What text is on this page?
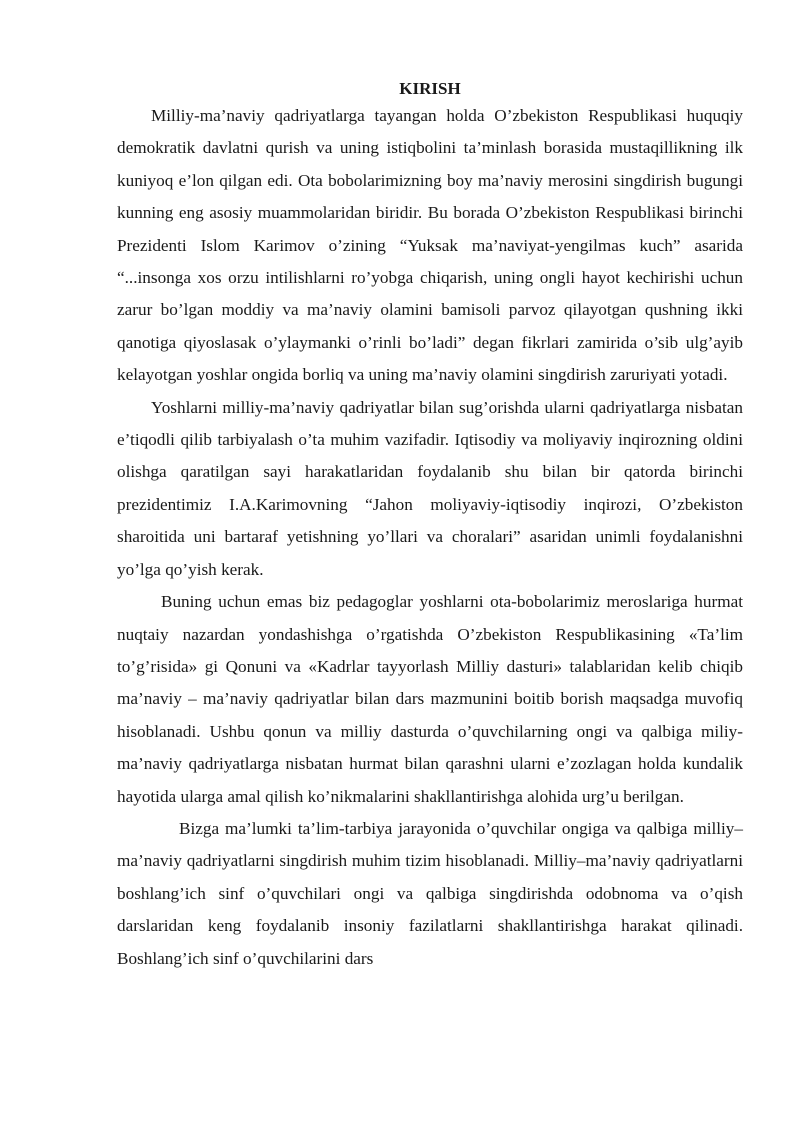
KIRISH

Milliy-ma’naviy qadriyatlarga tayangan holda O’zbekiston Respublikasi huquqiy demokratik davlatni qurish va uning istiqbolini ta’minlash borasida mustaqillikning ilk kuniyoq e’lon qilgan edi. Ota bobolarimizning boy ma’naviy merosini singdirish bugungi kunning eng asosiy muammolaridan biridir. Bu borada O’zbekiston Respublikasi birinchi Prezidenti Islom Karimov o’zining “Yuksak ma’naviyat-yengilmas kuch” asarida “...insonga xos orzu intilishlarni ro’yobga chiqarish, uning ongli hayot kechirishi uchun zarur bo’lgan moddiy va ma’naviy olamini bamisoli parvoz qilayotgan qushning ikki qanotiga qiyoslasak o’ylaymanki o’rinli bo’ladi” degan fikrlari zamirida o’sib ulg’ayib kelayotgan yoshlar ongida borliq va uning ma’naviy olamini singdirish zaruriyati yotadi.

Yoshlarni milliy-ma’naviy qadriyatlar bilan sug’orishda ularni qadriyatlarga nisbatan e’tiqodli qilib tarbiyalash o’ta muhim vazifadir. Iqtisodiy va moliyaviy inqirozning oldini olishga qaratilgan sayi harakatlaridan foydalanib shu bilan bir qatorda birinchi prezidentimiz I.A.Karimovning “Jahon moliyaviy-iqtisodiy inqirozi, O’zbekiston sharoitida uni bartaraf yetishning yo’llari va choralari” asaridan unimli foydalanishni yo’lga qo’yish kerak.

Buning uchun emas biz pedagoglar yoshlarni ota-bobolarimiz meroslariga hurmat nuqtaiy nazardan yondashishga o’rgatishda O’zbekiston Respublikasining «Ta’lim to’g’risida» gi Qonuni va «Kadrlar tayyorlash Milliy dasturi» talablaridan kelib chiqib ma’naviy – ma’naviy qadriyatlar bilan dars mazmunini boitib borish maqsadga muvofiq hisoblanadi. Ushbu qonun va milliy dasturda o’quvchilarning ongi va qalbiga miliy-ma’naviy qadriyatlarga nisbatan hurmat bilan qarashni ularni e’zozlagan holda kundalik hayotida ularga amal qilish ko’nikmalarini shakllantirishga alohida urg’u berilgan.

Bizga ma’lumki ta’lim-tarbiya jarayonida o’quvchilar ongiga va qalbiga milliy–ma’naviy qadriyatlarni singdirish muhim tizim hisoblanadi. Milliy–ma’naviy qadriyatlarni boshlang’ich sinf o’quvchilari ongi va qalbiga singdirishda odobnoma va o’qish darslaridan keng foydalanib insoniy fazilatlarni shakllantirishga harakat qilinadi. Boshlang’ich sinf o’quvchilarini dars
